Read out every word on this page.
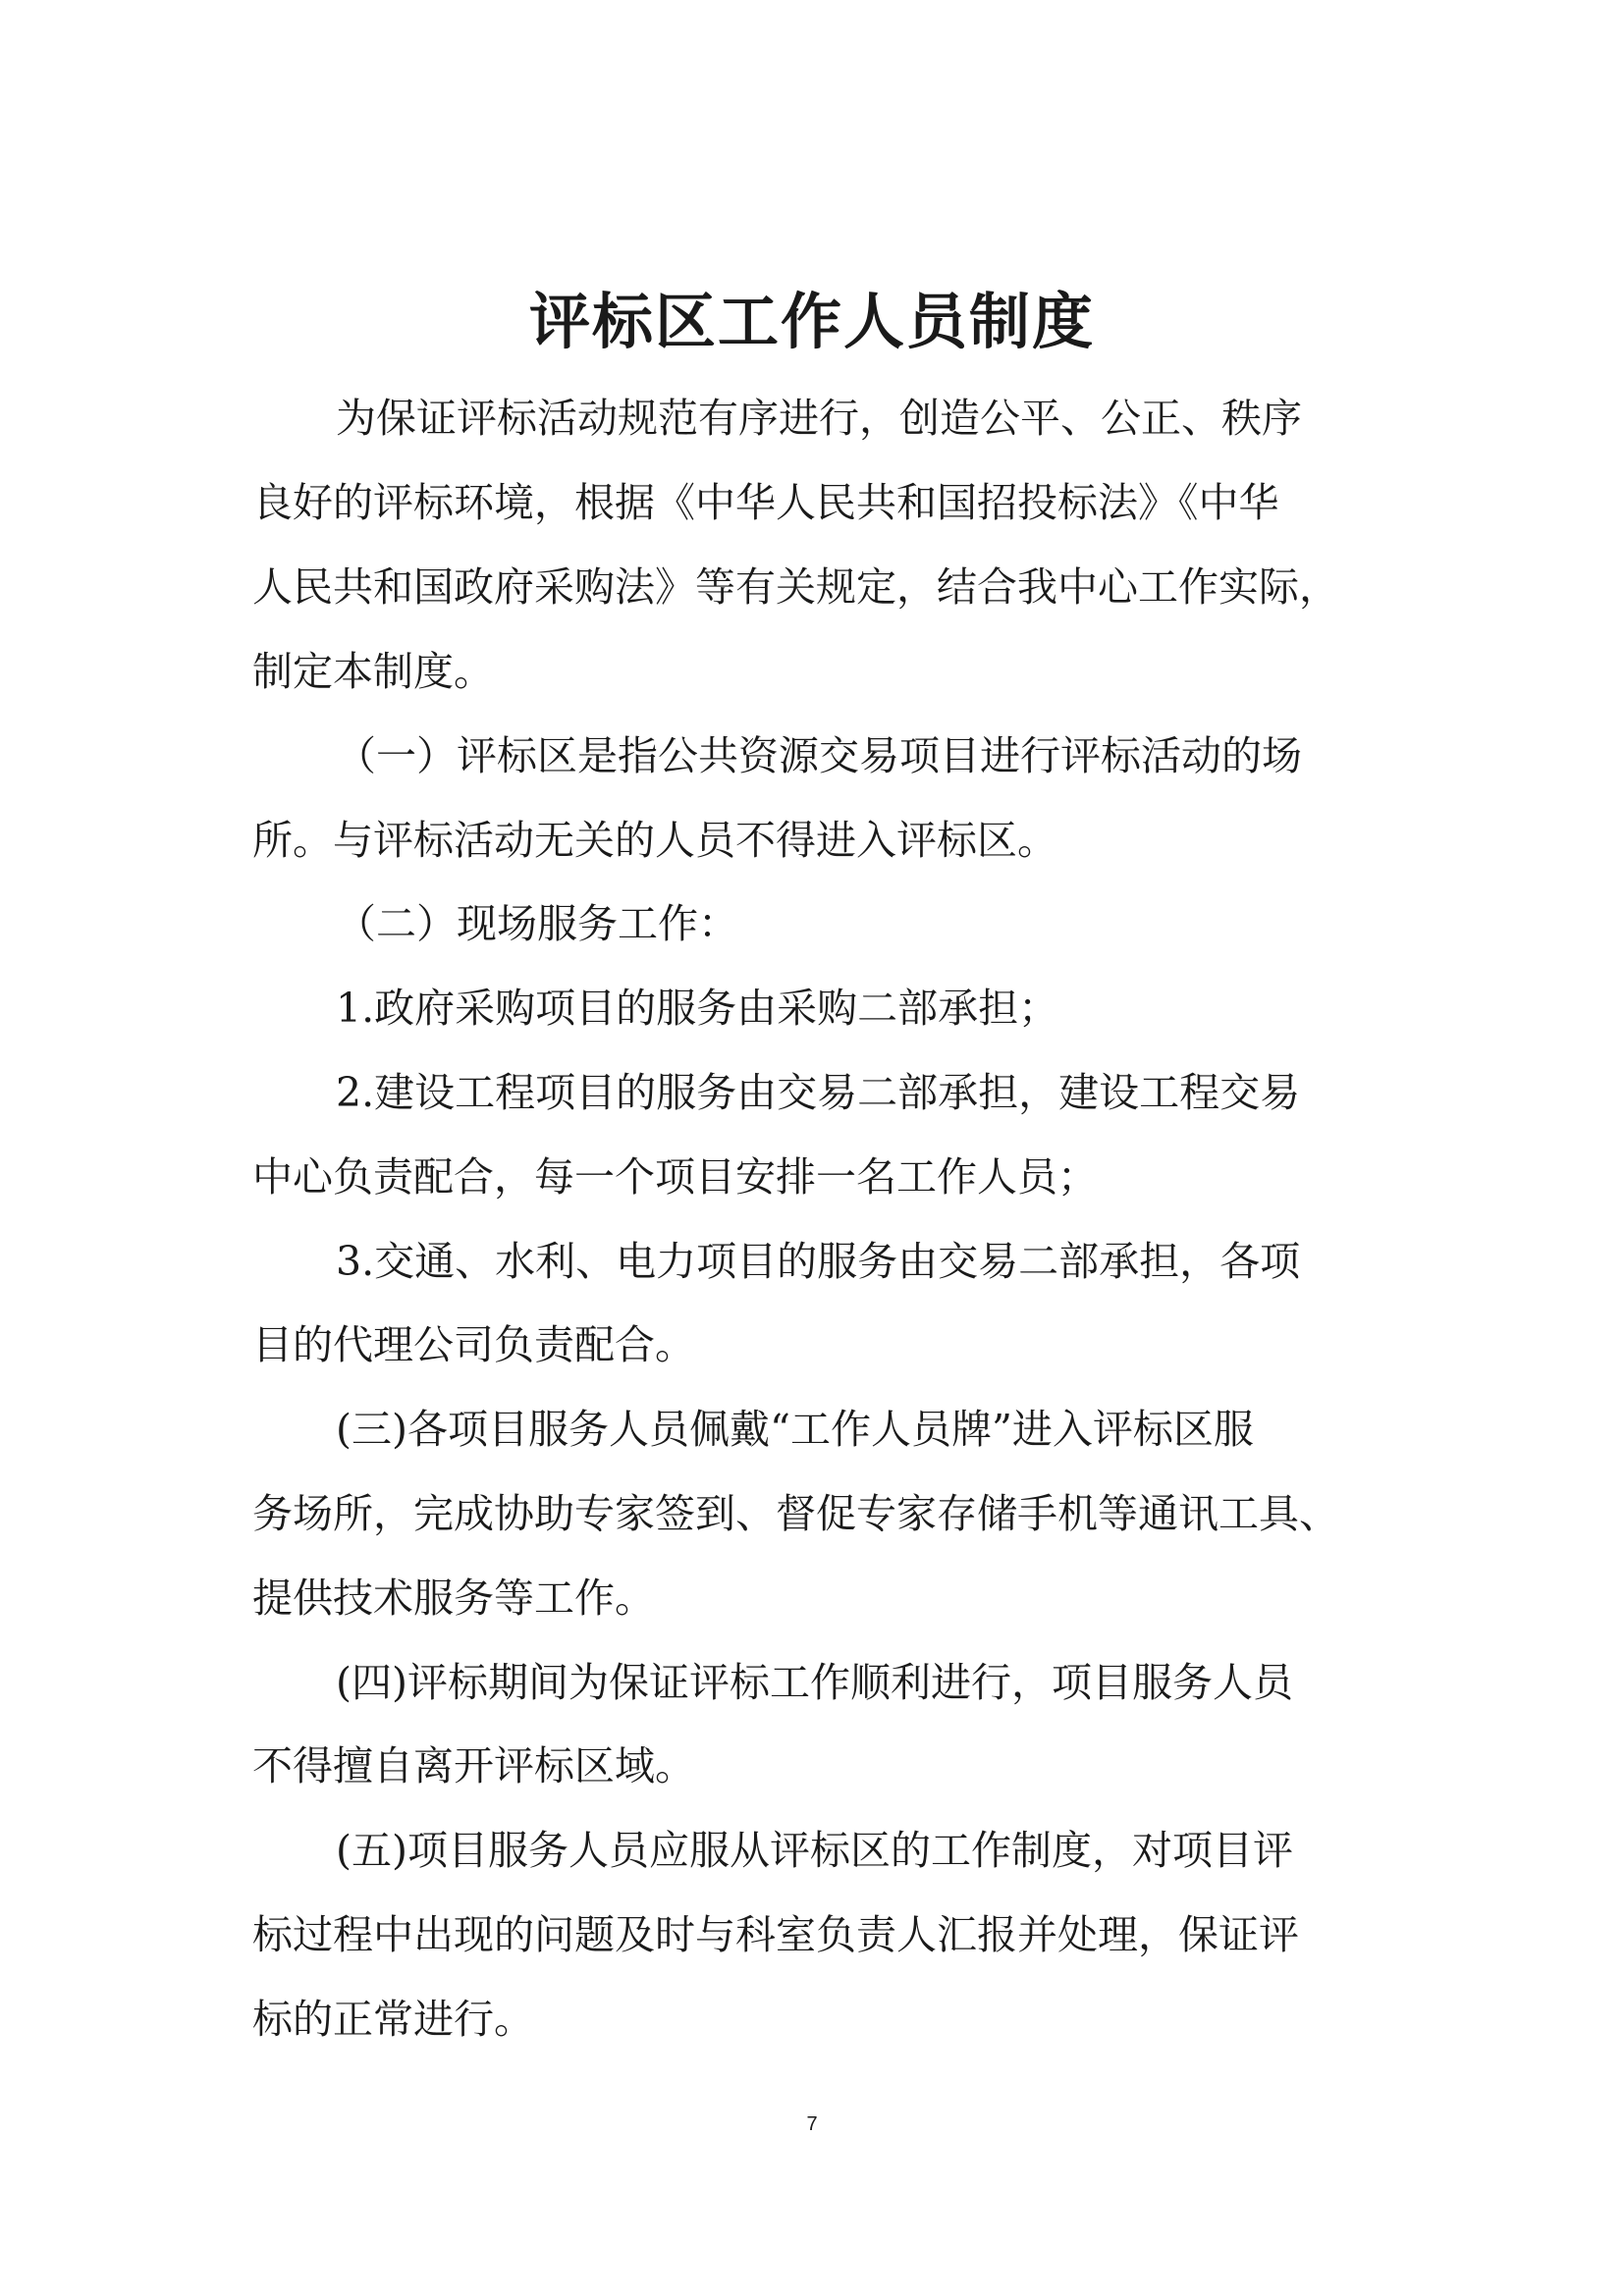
评标区工作人员制度

为保证评标活动规范有序进行，创造公平、公正、秩序

良好的评标环境，根据《中华人民共和国招投标法》《中华

人民共和国政府采购法》等有关规定，结合我中心工作实际，

制定本制度。

（一）评标区是指公共资源交易项目进行评标活动的场

所。与评标活动无关的人员不得进入评标区。

（二）现场服务工作：

1.政府采购项目的服务由采购二部承担；

2.建设工程项目的服务由交易二部承担，建设工程交易

中心负责配合，每一个项目安排一名工作人员；

3.交通、水利、电力项目的服务由交易二部承担，各项

目的代理公司负责配合。

(三)各项目服务人员佩戴“工作人员牌”进入评标区服

务场所，完成协助专家签到、督促专家存储手机等通讯工具、

提供技术服务等工作。

(四)评标期间为保证评标工作顺利进行，项目服务人员

不得擅自离开评标区域。

(五)项目服务人员应服从评标区的工作制度，对项目评

标过程中出现的问题及时与科室负责人汇报并处理，保证评

标的正常进行。

7
